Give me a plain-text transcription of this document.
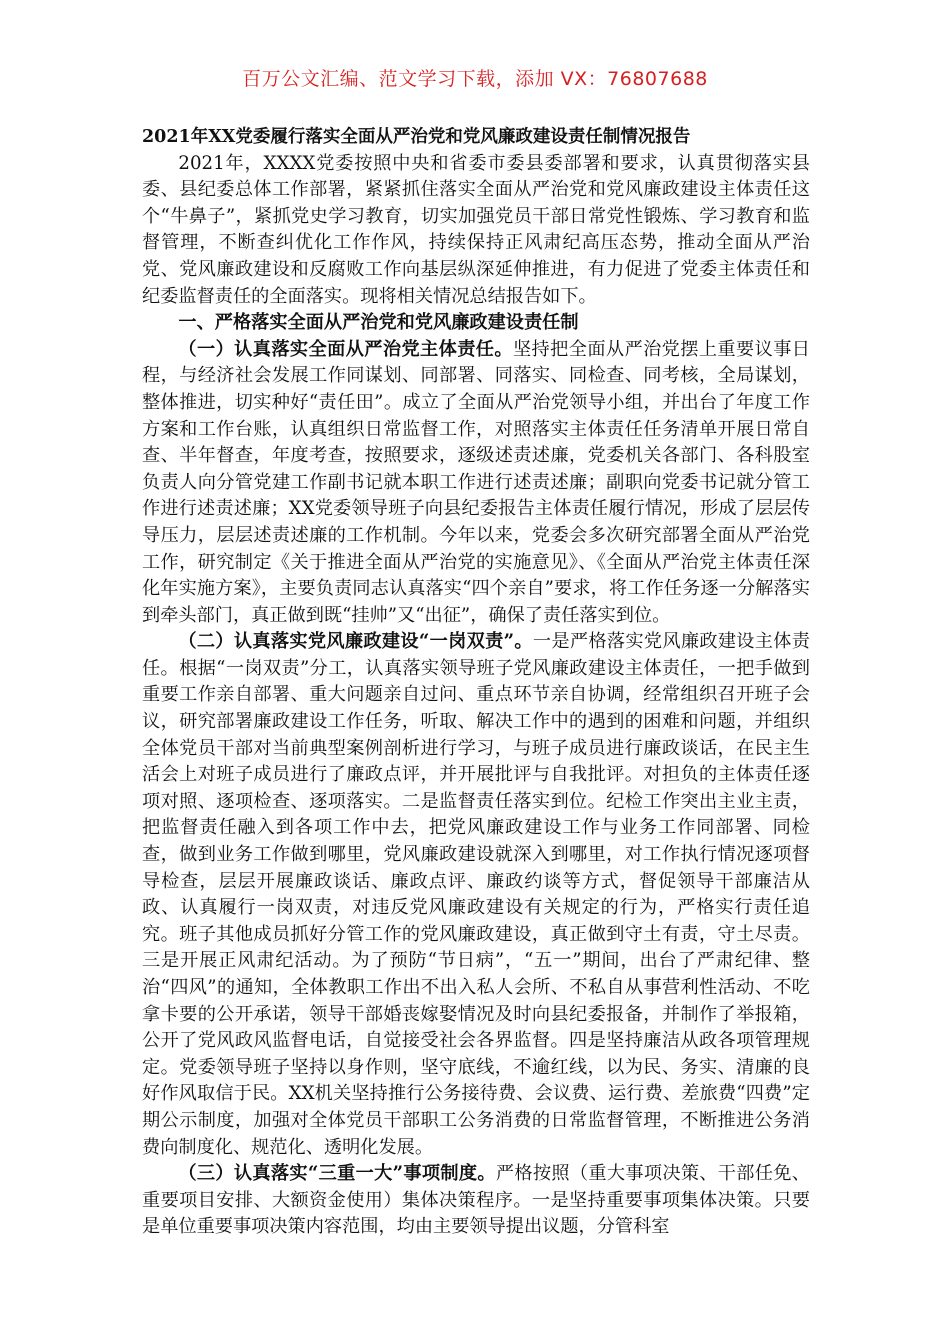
百万公文汇编、范文学习下载，添加 VX：76807688

2021年XX党委履行落实全面从严治党和党风廉政建设责任制情况报告

2021年，XXXX党委按照中央和省委市委县委部署和要求，认真贯彻落实县委、县纪委总体工作部署，紧紧抓住落实全面从严治党和党风廉政建设主体责任这个“牛鼻子”，紧抓党史学习教育，切实加强党员干部日常党性锻炼、学习教育和监督管理，不断查纠优化工作作风，持续保持正风肃纪高压态势，推动全面从严治党、党风廉政建设和反腐败工作向基层纵深延伸推进，有力促进了党委主体责任和纪委监督责任的全面落实。现将相关情况总结报告如下。

一、严格落实全面从严治党和党风廉政建设责任制

（一）认真落实全面从严治党主体责任。坚持把全面从严治党摆上重要议事日程，与经济社会发展工作同谋划、同部署、同落实、同检查、同考核，全局谋划，整体推进，切实种好“责任田”。成立了全面从严治党领导小组，并出台了年度工作方案和工作台账，认真组织日常监督工作，对照落实主体责任任务清单开展日常自查、半年督查，年度考查，按照要求，逐级述责述廉，党委机关各部门、各科股室负责人向分管党建工作副书记就本职工作进行述责述廉；副职向党委书记就分管工作进行述责述廉；XX党委领导班子向县纪委报告主体责任履行情况，形成了层层传导压力，层层述责述廉的工作机制。今年以来，党委会多次研究部署全面从严治党工作，研究制定《关于推进全面从严治党的实施意见》、《全面从严治党主体责任深化年实施方案》，主要负责同志认真落实“四个亲自”要求，将工作任务逐一分解落实到牵头部门，真正做到既“挂帅”又“出征”，确保了责任落实到位。

（二）认真落实党风廉政建设“一岗双责”。一是严格落实党风廉政建设主体责任。根据“一岗双责”分工，认真落实领导班子党风廉政建设主体责任，一把手做到重要工作亲自部署、重大问题亲自过问、重点环节亲自协调，经常组织召开班子会议，研究部署廉政建设工作任务，听取、解决工作中的遇到的困难和问题，并组织全体党员干部对当前典型案例剖析进行学习，与班子成员进行廉政谈话，在民主生活会上对班子成员进行了廉政点评，并开展批评与自我批评。对担负的主体责任逐项对照、逐项检查、逐项落实。二是监督责任落实到位。纪检工作突出主业主责，把监督责任融入到各项工作中去，把党风廉政建设工作与业务工作同部署、同检查，做到业务工作做到哪里，党风廉政建设就深入到哪里，对工作执行情况逐项督导检查，层层开展廉政谈话、廉政点评、廉政约谈等方式，督促领导干部廉洁从政、认真履行一岗双责，对违反党风廉政建设有关规定的行为，严格实行责任追究。班子其他成员抓好分管工作的党风廉政建设，真正做到守土有责，守土尽责。三是开展正风肃纪活动。为了预防“节日病”，“五一”期间，出台了严肃纪律、整治“四风”的通知，全体教职工作出不出入私人会所、不私自从事营利性活动、不吃拿卡要的公开承诺，领导干部婚丧嫁娶情况及时向县纪委报备，并制作了举报箱，公开了党风政风监督电话，自觉接受社会各界监督。四是坚持廉洁从政各项管理规定。党委领导班子坚持以身作则，坚守底线，不逾红线，以为民、务实、清廉的良好作风取信于民。XX机关坚持推行公务接待费、会议费、运行费、差旅费“四费”定期公示制度，加强对全体党员干部职工公务消费的日常监督管理，不断推进公务消费向制度化、规范化、透明化发展。

（三）认真落实“三重一大”事项制度。严格按照（重大事项决策、干部任免、重要项目安排、大额资金使用）集体决策程序。一是坚持重要事项集体决策。只要是单位重要事项决策内容范围，均由主要领导提出议题，分管科室
